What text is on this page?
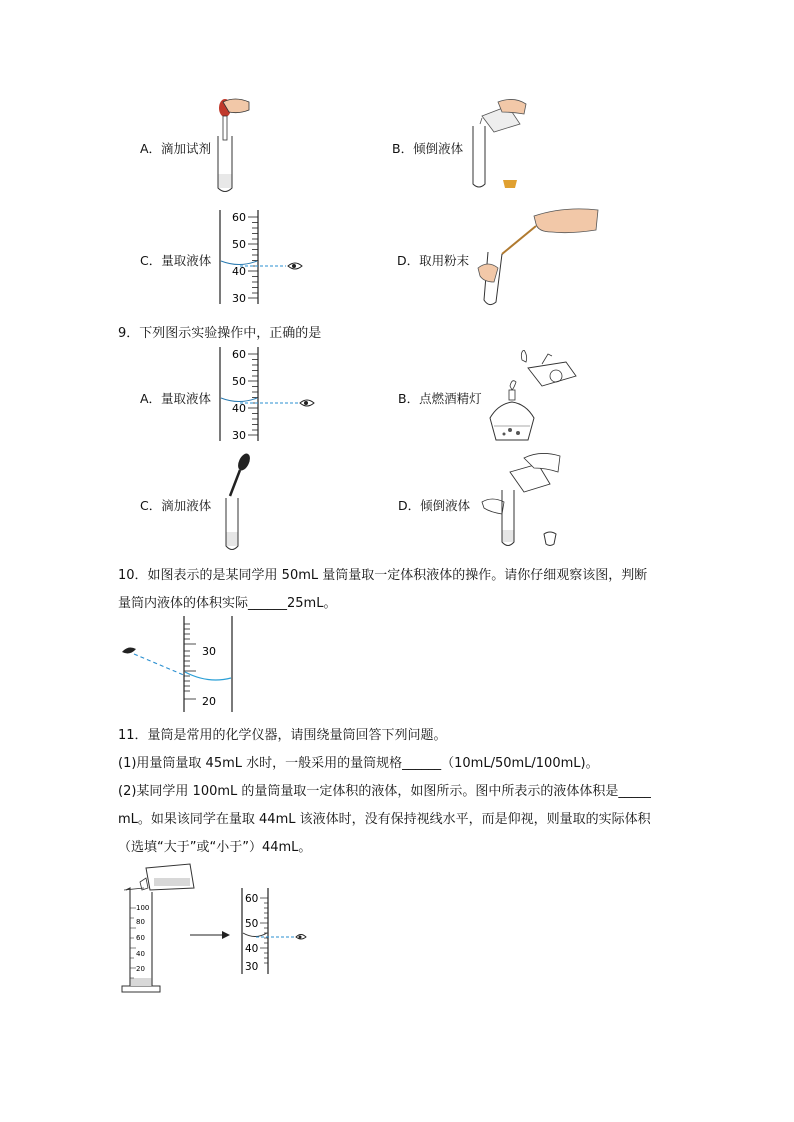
A．滴加试剂	B．倾倒液体
C．量取液体	D．取用粉末
60
50
40
30
9．下列图示实验操作中，正确的是
A．量取液体	B．点燃酒精灯
C．滴加液体	D．倾倒液体
60
50
40
30
10．如图表示的是某同学用 50mL 量筒量取一定体积液体的操作。请你仔细观察该图，判断
量筒内液体的体积实际______25mL。
30
20
11．量筒是常用的化学仪器，请围绕量筒回答下列问题。
(1)用量筒量取 45mL 水时，一般采用的量筒规格______（10mL/50mL/100mL)。
(2)某同学用 100mL 的量筒量取一定体积的液体，如图所示。图中所表示的液体体积是_____
mL。如果该同学在量取 44mL 该液体时，没有保持视线水平，而是仰视，则量取的实际体积
（选填“大于”或“小于”）44mL。
100
80
60
40
20
60
50
40
30
